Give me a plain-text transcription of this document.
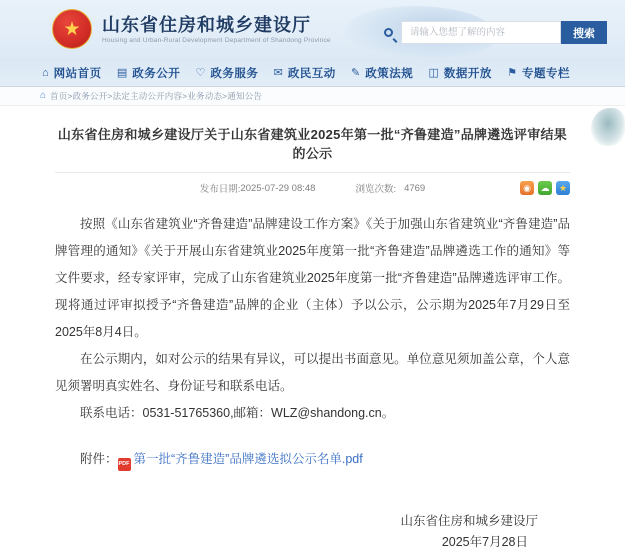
★	山东省住房和城乡建设厅
Housing and Urban-Rural Development Department of Shandong Province
请输入您想了解的内容
搜索
⌂ 网站首页 ▤ 政务公开 ♡ 政务服务 ✉ 政民互动 ✎ 政策法规 ◫ 数据开放 ⚑ 专题专栏
⌂ 首页>政务公开>法定主动公开内容>业务动态>通知公告
山东省住房和城乡建设厅关于山东省建筑业2025年第一批“齐鲁建造”品牌遴选评审结果的公示
发布日期: 2025-07-29 08:48	浏览次数: 4769	◉	☁	★

按照《山东省建筑业“齐鲁建造”品牌建设工作方案》《关于加强山东省建筑业“齐鲁建造”品牌管理的通知》《关于开展山东省建筑业2025年度第一批“齐鲁建造”品牌遴选工作的通知》等文件要求，经专家评审，完成了山东省建筑业2025年度第一批“齐鲁建造”品牌遴选评审工作。现将通过评审拟授予“齐鲁建造”品牌的企业（主体）予以公示，公示期为2025年7月29日至2025年8月4日。

在公示期内，如对公示的结果有异议，可以提出书面意见。单位意见须加盖公章，个人意见须署明真实姓名、身份证号和联系电话。

联系电话：0531-51765360,邮箱：WLZ@shandong.cn。

附件：PDF 第一批“齐鲁建造”品牌遴选拟公示名单.pdf
山东省住房和城乡建设厅
2025年7月28日
